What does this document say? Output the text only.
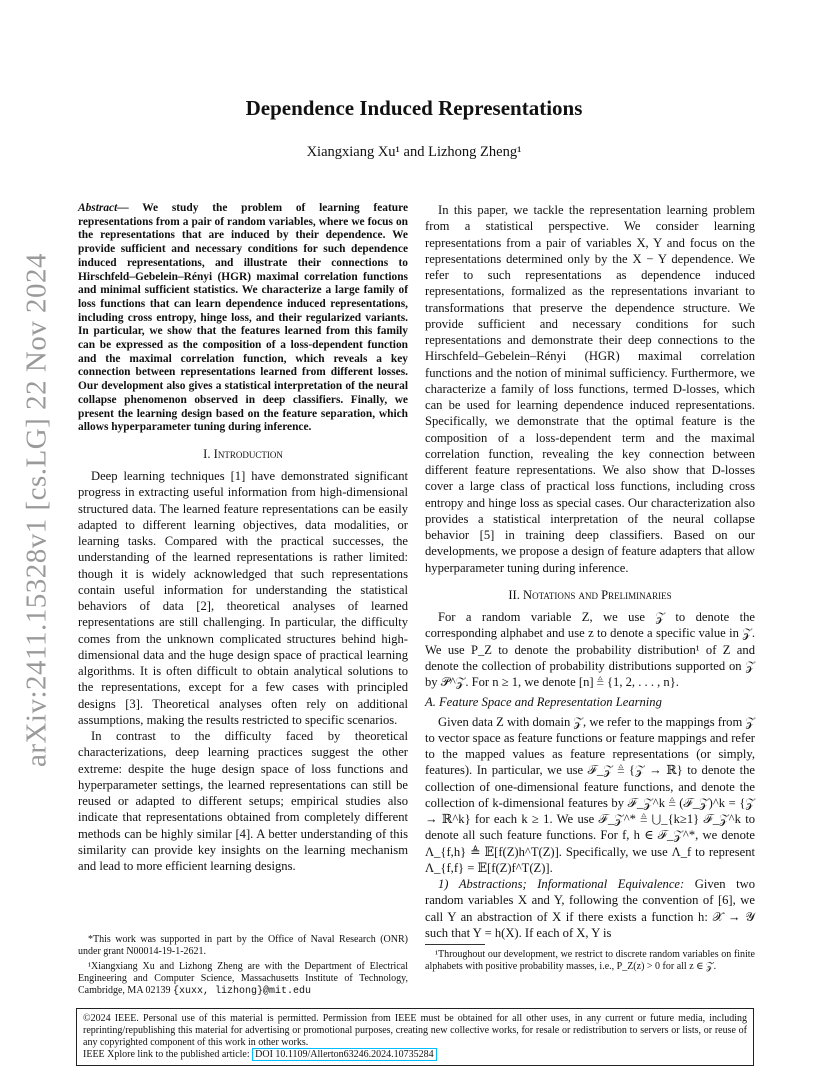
arXiv:2411.15328v1 [cs.LG] 22 Nov 2024
Dependence Induced Representations
Xiangxiang Xu¹ and Lizhong Zheng¹
Abstract— We study the problem of learning feature representations from a pair of random variables, where we focus on the representations that are induced by their dependence. We provide sufficient and necessary conditions for such dependence induced representations, and illustrate their connections to Hirschfeld–Gebelein–Rényi (HGR) maximal correlation functions and minimal sufficient statistics. We characterize a large family of loss functions that can learn dependence induced representations, including cross entropy, hinge loss, and their regularized variants. In particular, we show that the features learned from this family can be expressed as the composition of a loss-dependent function and the maximal correlation function, which reveals a key connection between representations learned from different losses. Our development also gives a statistical interpretation of the neural collapse phenomenon observed in deep classifiers. Finally, we present the learning design based on the feature separation, which allows hyperparameter tuning during inference.
I. Introduction

Deep learning techniques [1] have demonstrated significant progress in extracting useful information from high-dimensional structured data. The learned feature representations can be easily adapted to different learning objectives, data modalities, or learning tasks. Compared with the practical successes, the understanding of the learned representations is rather limited: though it is widely acknowledged that such representations contain useful information for understanding the statistical behaviors of data [2], theoretical analyses of learned representations are still challenging. In particular, the difficulty comes from the unknown complicated structures behind high-dimensional data and the huge design space of practical learning algorithms. It is often difficult to obtain analytical solutions to the representations, except for a few cases with principled designs [3]. Theoretical analyses often rely on additional assumptions, making the results restricted to specific scenarios.

In contrast to the difficulty faced by theoretical characterizations, deep learning practices suggest the other extreme: despite the huge design space of loss functions and hyperparameter settings, the learned representations can still be reused or adapted to different setups; empirical studies also indicate that representations obtained from completely different methods can be highly similar [4]. A better understanding of this similarity can provide key insights on the learning mechanism and lead to more efficient learning designs.

In this paper, we tackle the representation learning problem from a statistical perspective. We consider learning representations from a pair of variables X, Y and focus on the representations determined only by the X − Y dependence. We refer to such representations as dependence induced representations, formalized as the representations invariant to transformations that preserve the dependence structure. We provide sufficient and necessary conditions for such representations and demonstrate their deep connections to the Hirschfeld–Gebelein–Rényi (HGR) maximal correlation functions and the notion of minimal sufficiency. Furthermore, we characterize a family of loss functions, termed D-losses, which can be used for learning dependence induced representations. Specifically, we demonstrate that the optimal feature is the composition of a loss-dependent term and the maximal correlation function, revealing the key connection between different feature representations. We also show that D-losses cover a large class of practical loss functions, including cross entropy and hinge loss as special cases. Our characterization also provides a statistical interpretation of the neural collapse behavior [5] in training deep classifiers. Based on our developments, we propose a design of feature adapters that allow hyperparameter tuning during inference.

II. Notations and Preliminaries

For a random variable Z, we use 𝒵 to denote the corresponding alphabet and use z to denote a specific value in 𝒵. We use P_Z to denote the probability distribution¹ of Z and denote the collection of probability distributions supported on 𝒵 by 𝒫^𝒵. For n ≥ 1, we denote [n] ≜ {1, 2, . . . , n}.

A. Feature Space and Representation Learning

Given data Z with domain 𝒵, we refer to the mappings from 𝒵 to vector space as feature functions or feature mappings and refer to the mapped values as feature representations (or simply, features). In particular, we use ℱ_𝒵 ≜ {𝒵 → ℝ} to denote the collection of one-dimensional feature functions, and denote the collection of k-dimensional features by ℱ_𝒵^k ≜ (ℱ_𝒵)^k = {𝒵 → ℝ^k} for each k ≥ 1. We use ℱ_𝒵^* ≜ ⋃_{k≥1} ℱ_𝒵^k to denote all such feature functions. For f, h ∈ ℱ_𝒵^*, we denote Λ_{f,h} ≜ 𝔼[f(Z)h^T(Z)]. Specifically, we use Λ_f to represent Λ_{f,f} = 𝔼[f(Z)f^T(Z)].

1) Abstractions; Informational Equivalence: Given two random variables X and Y, following the convention of [6], we call Y an abstraction of X if there exists a function h: 𝒳 → 𝒴 such that Y = h(X). If each of X, Y is

*This work was supported in part by the Office of Naval Research (ONR) under grant N00014-19-1-2621.

¹Xiangxiang Xu and Lizhong Zheng are with the Department of Electrical Engineering and Computer Science, Massachusetts Institute of Technology, Cambridge, MA 02139 {xuxx, lizhong}@mit.edu

¹Throughout our development, we restrict to discrete random variables on finite alphabets with positive probability masses, i.e., P_Z(z) > 0 for all z ∈ 𝒵.

©2024 IEEE. Personal use of this material is permitted. Permission from IEEE must be obtained for all other uses, in any current or future media, including reprinting/republishing this material for advertising or promotional purposes, creating new collective works, for resale or redistribution to servers or lists, or reuse of any copyrighted component of this work in other works.
IEEE Xplore link to the published article: DOI 10.1109/Allerton63246.2024.10735284
